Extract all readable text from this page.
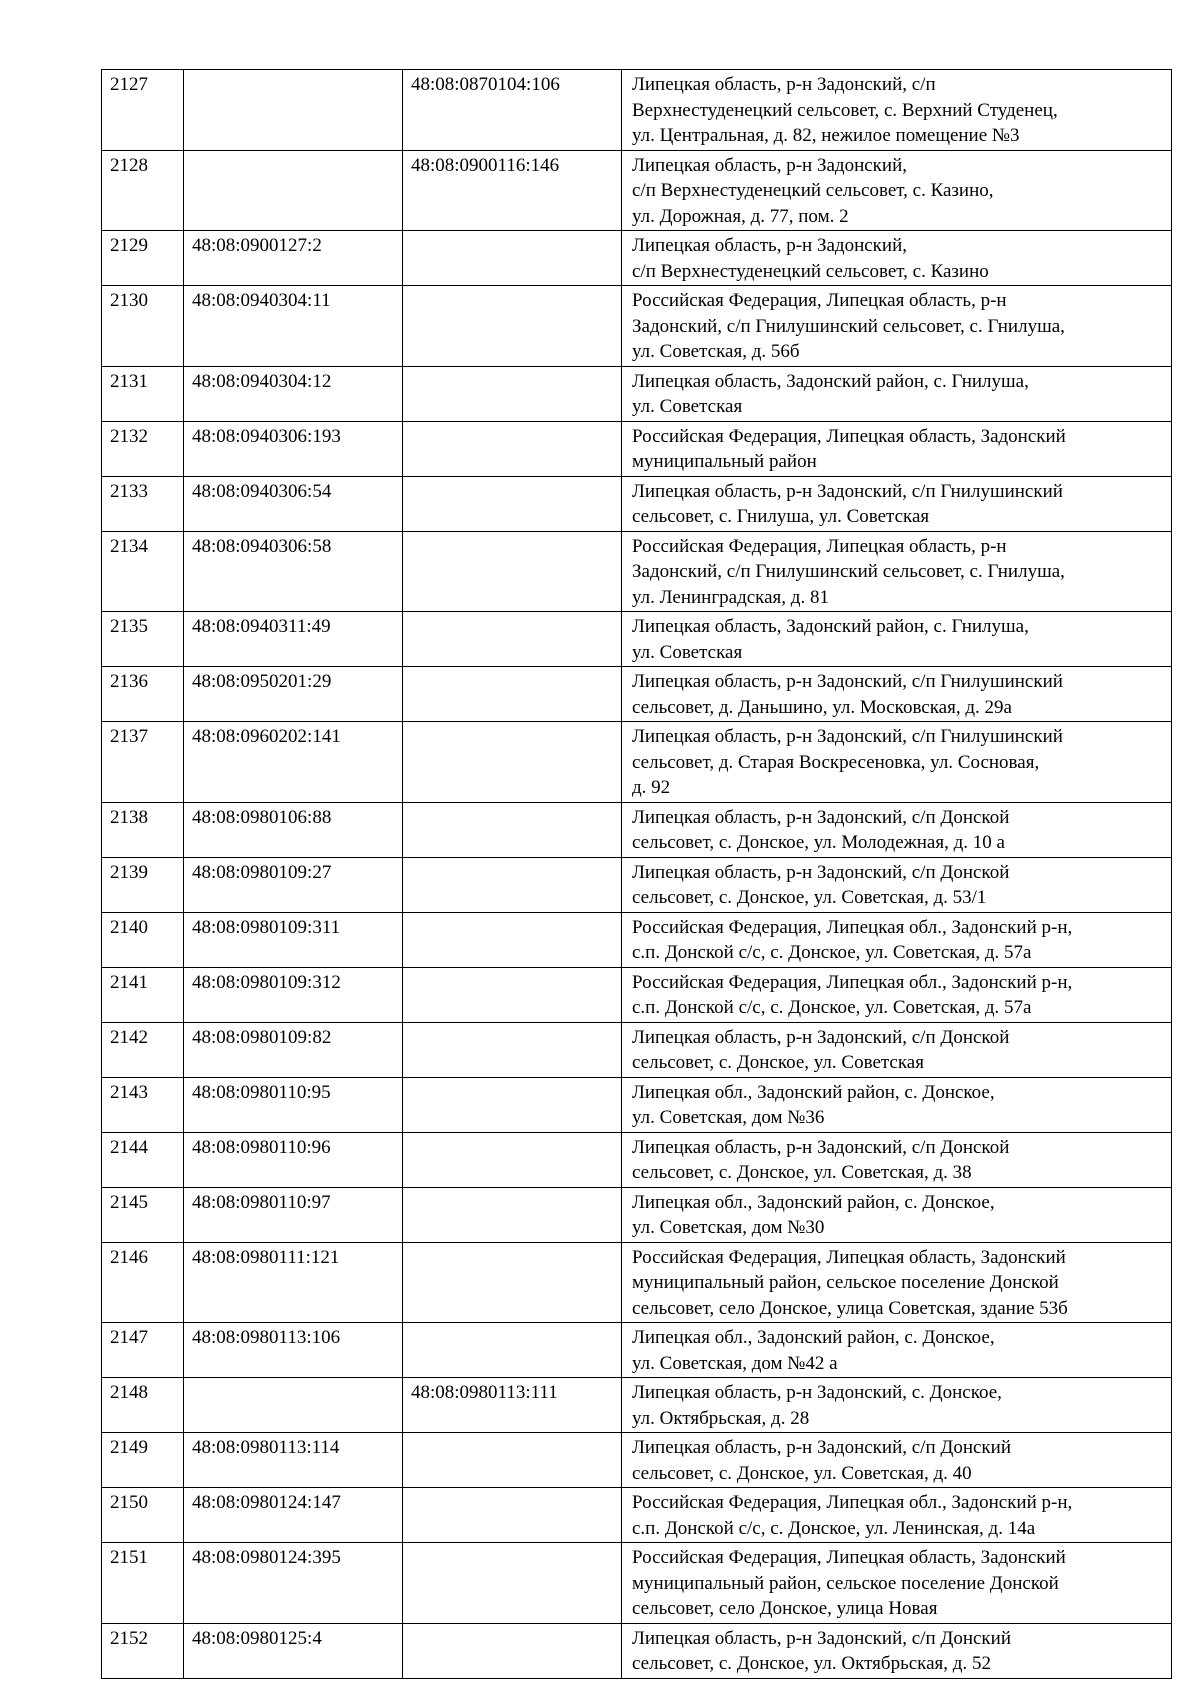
2127		48:08:0870104:106	Липецкая область, р-н Задонский, с/п
Верхнестуденецкий сельсовет, с. Верхний Студенец,
ул. Центральная, д. 82, нежилое помещение №3
2128		48:08:0900116:146	Липецкая область, р-н Задонский,
с/п Верхнестуденецкий сельсовет, с. Казино,
ул. Дорожная, д. 77, пом. 2
2129	48:08:0900127:2		Липецкая область, р-н Задонский,
с/п Верхнестуденецкий сельсовет, с. Казино
2130	48:08:0940304:11		Российская Федерация, Липецкая область, р-н
Задонский, с/п Гнилушинский сельсовет, с. Гнилуша,
ул. Советская, д. 56б
2131	48:08:0940304:12		Липецкая область, Задонский район, с. Гнилуша,
ул. Советская
2132	48:08:0940306:193		Российская Федерация, Липецкая область, Задонский
муниципальный район
2133	48:08:0940306:54		Липецкая область, р-н Задонский, с/п Гнилушинский
сельсовет, с. Гнилуша, ул. Советская
2134	48:08:0940306:58		Российская Федерация, Липецкая область, р-н
Задонский, с/п Гнилушинский сельсовет, с. Гнилуша,
ул. Ленинградская, д. 81
2135	48:08:0940311:49		Липецкая область, Задонский район, с. Гнилуша,
ул. Советская
2136	48:08:0950201:29		Липецкая область, р-н Задонский, с/п Гнилушинский
сельсовет, д. Даньшино, ул. Московская, д. 29а
2137	48:08:0960202:141		Липецкая область, р-н Задонский, с/п Гнилушинский
сельсовет, д. Старая Воскресеновка, ул. Сосновая,
д. 92
2138	48:08:0980106:88		Липецкая область, р-н Задонский, с/п Донской
сельсовет, с. Донское, ул. Молодежная, д. 10 а
2139	48:08:0980109:27		Липецкая область, р-н Задонский, с/п Донской
сельсовет, с. Донское, ул. Советская, д. 53/1
2140	48:08:0980109:311		Российская Федерация, Липецкая обл., Задонский р-н,
с.п. Донской с/с, с. Донское, ул. Советская, д. 57а
2141	48:08:0980109:312		Российская Федерация, Липецкая обл., Задонский р-н,
с.п. Донской с/с, с. Донское, ул. Советская, д. 57а
2142	48:08:0980109:82		Липецкая область, р-н Задонский, с/п Донской
сельсовет, с. Донское, ул. Советская
2143	48:08:0980110:95		Липецкая обл., Задонский район, с. Донское,
ул. Советская, дом №36
2144	48:08:0980110:96		Липецкая область, р-н Задонский, с/п Донской
сельсовет, с. Донское, ул. Советская, д. 38
2145	48:08:0980110:97		Липецкая обл., Задонский район, с. Донское,
ул. Советская, дом №30
2146	48:08:0980111:121		Российская Федерация, Липецкая область, Задонский
муниципальный район, сельское поселение Донской
сельсовет, село Донское, улица Советская, здание 53б
2147	48:08:0980113:106		Липецкая обл., Задонский район, с. Донское,
ул. Советская, дом №42 а
2148		48:08:0980113:111	Липецкая область, р-н Задонский, с. Донское,
ул. Октябрьская, д. 28
2149	48:08:0980113:114		Липецкая область, р-н Задонский, с/п Донский
сельсовет, с. Донское, ул. Советская, д. 40
2150	48:08:0980124:147		Российская Федерация, Липецкая обл., Задонский р-н,
с.п. Донской с/с, с. Донское, ул. Ленинская, д. 14а
2151	48:08:0980124:395		Российская Федерация, Липецкая область, Задонский
муниципальный район, сельское поселение Донской
сельсовет, село Донское, улица Новая
2152	48:08:0980125:4		Липецкая область, р-н Задонский, с/п Донский
сельсовет, с. Донское, ул. Октябрьская, д. 52
